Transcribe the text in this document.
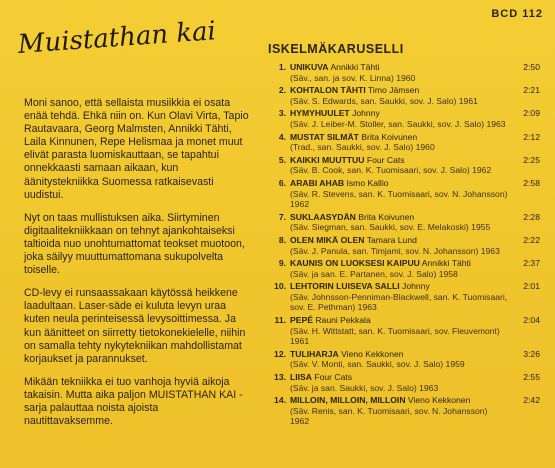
BCD 112
Muistathan kai

Moni sanoo, että sellaista musiikkia ei osata enää tehdä. Ehkä niin on. Kun Olavi Virta, Tapio Rautavaara, Georg Malmsten, Annikki Tähti, Laila Kinnunen, Repe Helismaa ja monet muut elivät parasta luomiskauttaan, se tapahtui onnekkaasti samaan aikaan, kun äänitystekniikka Suomessa ratkaisevasti uudistui.

Nyt on taas mullistuksen aika. Siirtyminen digitaalitekniikkaan on tehnyt ajankohtaiseksi taltioida nuo unohtumattomat teokset muotoon, joka säilyy muuttumattomana sukupolvelta toiselle.

CD-levy ei runsaassakaan käytössä heikkene laadultaan. Laser-säde ei kuluta levyn uraa kuten neula perinteisessä levysoittimessa. Ja kun äänitteet on siirretty tietokonekielelle, niihin on samalla tehty nykytekniikan mahdollistamat korjaukset ja parannukset.

Mikään tekniikka ei tuo vanhoja hyviä aikoja takaisin. Mutta aika paljon MUISTATHAN KAI -sarja palauttaa noista ajoista nautittavaksemme.

ISKELMÄKARUSELLI
1. UNIKUVA Annikki Tähti	2:50
(Säv., san. ja sov. K. Linna) 1960
2. KOHTALON TÄHTI Timo Jämsen	2:21
(Säv. S. Edwards, san. Saukki, sov. J. Salo) 1961
3. HYMYHUULET Johnny	2:09
(Säv. J. Leiber-M. Stoller, san. Saukki, sov. J. Salo) 1963
4. MUSTAT SILMÄT Brita Koivunen	2:12
(Trad., san. Saukki, sov. J. Salo) 1960
5. KAIKKI MUUTTUU Four Cats	2:25
(Säv. B. Cook, san. K. Tuomisaari, sov. J. Salo) 1962
6. ARABI AHAB Ismo Kallio	2:58
(Säv. R. Stevens, san. K. Tuomisaari, sov. N. Johansson) 1962
7. SUKLAASYDÄN Brita Koivunen	2:28
(Säv. Siegman, san. Saukki, sov. E. Melakoski) 1955
8. OLEN MIKÄ OLEN Tamara Lund	2:22
(Säv. J. Panula, san. Timjami, sov. N. Johansson) 1963
9. KAUNIS ON LUOKSESI KAIPUU Annikki Tähti	2:37
(Säv. ja san. E. Partanen, sov. J. Salo) 1958
10. LEHTORIN LUISEVA SALLI Johnny	2:01
(Säv. Johnsson-Penniman-Blackwell, san. K. Tuomisaari, sov. E. Pethman) 1963
11. PEPÉ Rauni Pekkala	2:04
(Säv. H. Wittstatt, san. K. Tuomisaari, sov. Fleuvemont) 1961
12. TULIHARJA Vieno Kekkonen	3:26
(Säv. V. Monti, san. Saukki, sov. J. Salo) 1959
13. LIISA Four Cats	2:55
(Säv. ja san. Saukki, sov. J. Salo) 1963
14. MILLOIN, MILLOIN, MILLOIN Vieno Kekkonen	2:42
(Säv. Renis, san. K. Tuomisaari, sov. N. Johansson) 1962
